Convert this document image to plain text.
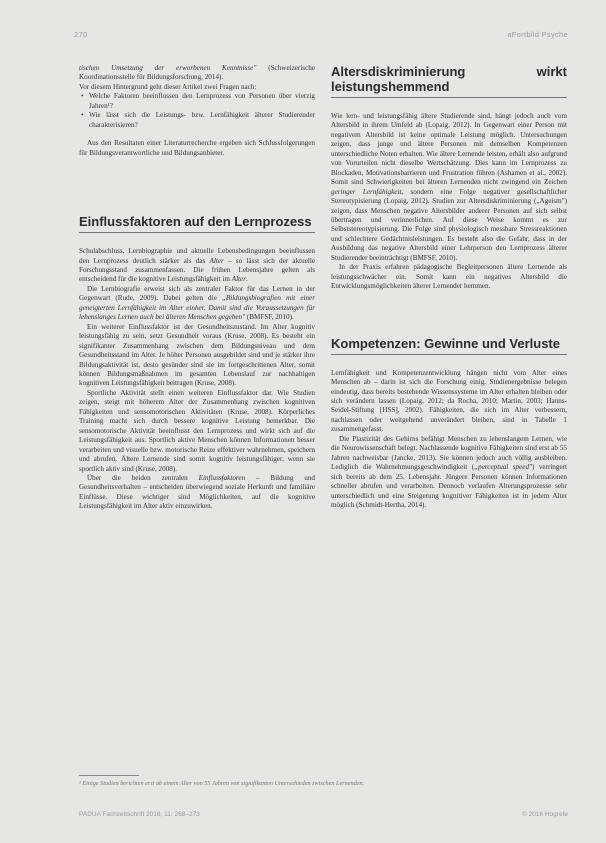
270	aFortbild Psyche

tischen Umsetzung der erworbenen Kenntnisse" (Schweizerische Koordinationsstelle für Bildungsforschung, 2014).

Vor diesem Hintergrund geht dieser Artikel zwei Fragen nach:

• Welche Faktoren beeinflussen den Lernprozess von Personen über vierzig Jahren¹?
• Wie lässt sich die Leistungs- bzw. Lernfähigkeit älterer Studierender charakterisieren?

Aus den Resultaten einer Literaturrecherche ergeben sich Schlussfolgerungen für Bildungsverantwortliche und Bildungsanbieter.

Einflussfaktoren auf den Lernprozess

Schulabschluss, Lernbiographie und aktuelle Lebensbedingungen beeinflussen den Lernprozess deutlich stärker als das Alter – so lässt sich der aktuelle Forschungsstand zusammenfassen. Die frühen Lebensjahre gelten als entscheidend für die kognitive Leistungsfähigkeit im Alter.

Die Lernbiografie erweist sich als zentraler Faktor für das Lernen in der Gegenwart (Rude, 2009). Dabei gelten die „Bildungsbiografien mit einer geneigterten Lernfähigkeit im Alter einher. Damit sind die Voraussetzungen für lebenslanges Lernen auch bei älteren Menschen gegeben" (BMFSF, 2010).

Ein weiterer Einflussfaktor ist der Gesundheitszustand. Im Alter kognitiv leistungsfähig zu sein, setzt Gesundheit voraus (Kruse, 2008). Es besteht ein signifikanter Zusammenhang zwischen dem Bildungsniveau und dem Gesundheitsstand im Alter. Je höher Personen ausgebildet sind und je stärker ihre Bildungsaktivität ist, desto gesünder sind sie im fortgeschrittenen Alter, somit können Bildungsmaßnahmen im gesamten Lebenslauf zur nachhaltigen kognitiven Leistungsfähigkeit beitragen (Kruse, 2008).

Sportliche Aktivität stellt einen weiteren Einflussfaktor dar. Wie Studien zeigen, steigt mit höherem Alter der Zusammenhang zwischen kognitiven Fähigkeiten und sensomotorischen Aktivitäten (Kruse, 2008). Körperliches Training macht sich durch bessere kognitive Leistung bemerkbar. Die sensomotorische Aktivität beeinflusst den Lernprozess und wirkt sich auf die Leistungsfähigkeit aus. Sportlich aktive Menschen können Informationen besser verarbeiten und visuelle bzw. motorische Reize effektiver wahrnehmen, speichern und abrufen. Ältere Lernende sind somit kognitiv leistungsfähiger, wenn sie sportlich aktiv sind (Kruse, 2008).

Über die beiden zentralen Einflussfaktoren – Bildung und Gesundheitsverhalten – entscheiden überwiegend soziale Herkunft und familiäre Einflüsse. Diese wichtiger sind Möglichkeiten, auf die kognitive Leistungsfähigkeit im Alter aktiv einzuwirken.

Altersdiskriminierung wirkt leistungshemmend

Wie lern- und leistungsfähig ältere Studierende sind, hängt jedoch auch vom Altersbild in ihrem Umfeld ab (Lopaig, 2012). In Gegenwart einer Person mit negativem Altersbild ist keine optimale Leistung möglich. Untersuchungen zeigen, dass junge und ältere Personen mit demselben Kompetenzen unterschiedliche Noten erhalten. Wie ältere Lernende leisten, erhält also aufgrund von Vorurteilen nicht dieselbe Wertschätzung. Dies kann im Lernprozess zu Blockaden, Motivationsbarrieren und Frustration führen (Ashamen et al., 2002). Somit sind Schwierigkeiten bei älteren Lernenden nicht zwingend ein Zeichen geringer Lernfähigkeit, sondern eine Folge negativer gesellschaftlicher Stereotypisierung (Lopaig, 2012). Studien zur Altersdiskriminierung („Ageism") zeigen, dass Menschen negative Altersbilder anderer Personen auf sich selbst übertragen und verinnerlichen. Auf diese Weise kommt es zur Selbststereotypisierung. Die Folge sind physiologisch messbare Stressreaktionen und schlechtere Gedächtnisleistungen. Es besteht also die Gefahr, dass in der Ausbildung das negative Altersbild einer Lehrperson den Lernprozess älterer Studierender beeinträchtigt (BMFSF, 2010).

In der Praxis erfahren pädagogische Begleitpersonen ältere Lernende als leistungsschwächer ein. Somit kann ein negatives Altersbild die Entwicklungsmöglichkeiten älterer Lernender hemmen.

Kompetenzen: Gewinne und Verluste

Lernfähigkeit und Kompetenzentwicklung hängen nicht vom Alter eines Menschen ab – darin ist sich die Forschung einig. Studienergebnisse belegen eindeutig, dass bereits bestehende Wissenssysteme im Alter erhalten bleiben oder sich verändern lassen (Lopaig, 2012; da Rocha, 2010; Martin, 2003; Hanns-Seidel-Stiftung [HSS], 2002). Fähigkeiten, die sich im Alter verbessern, nachlassen oder weitgehend unverändert bleiben, sind in Tabelle 1 zusammengefasst.

Die Plastizität des Gehirns befähigt Menschen zu lebenslangem Lernen, wie die Neurowissenschaft belegt. Nachlassende kognitive Fähigkeiten sind erst ab 55 Jahren nachweisbar (Jancke, 2013). Sie können jedoch auch völlig ausbleiben. Lediglich die Wahrnehmungsgeschwindigkeit („perceptual speed") verringert sich bereits ab dem 25. Lebensjahr. Jüngere Personen können Informationen schneller abrufen und verarbeiten. Dennoch verlaufen Alterungsprozesse sehr unterschiedlich und eine Steigerung kognitiver Fähigkeiten ist in jedem Alter möglich (Schmidt-Hertha, 2014).

¹ Einige Studien berichten erst ab einem Alter von 55 Jahren von signifikanten Unterschieden zwischen Lernenden.
PADUA Fachzeitschrift 2016; 11: 268–273	© 2016 Hogrefe
